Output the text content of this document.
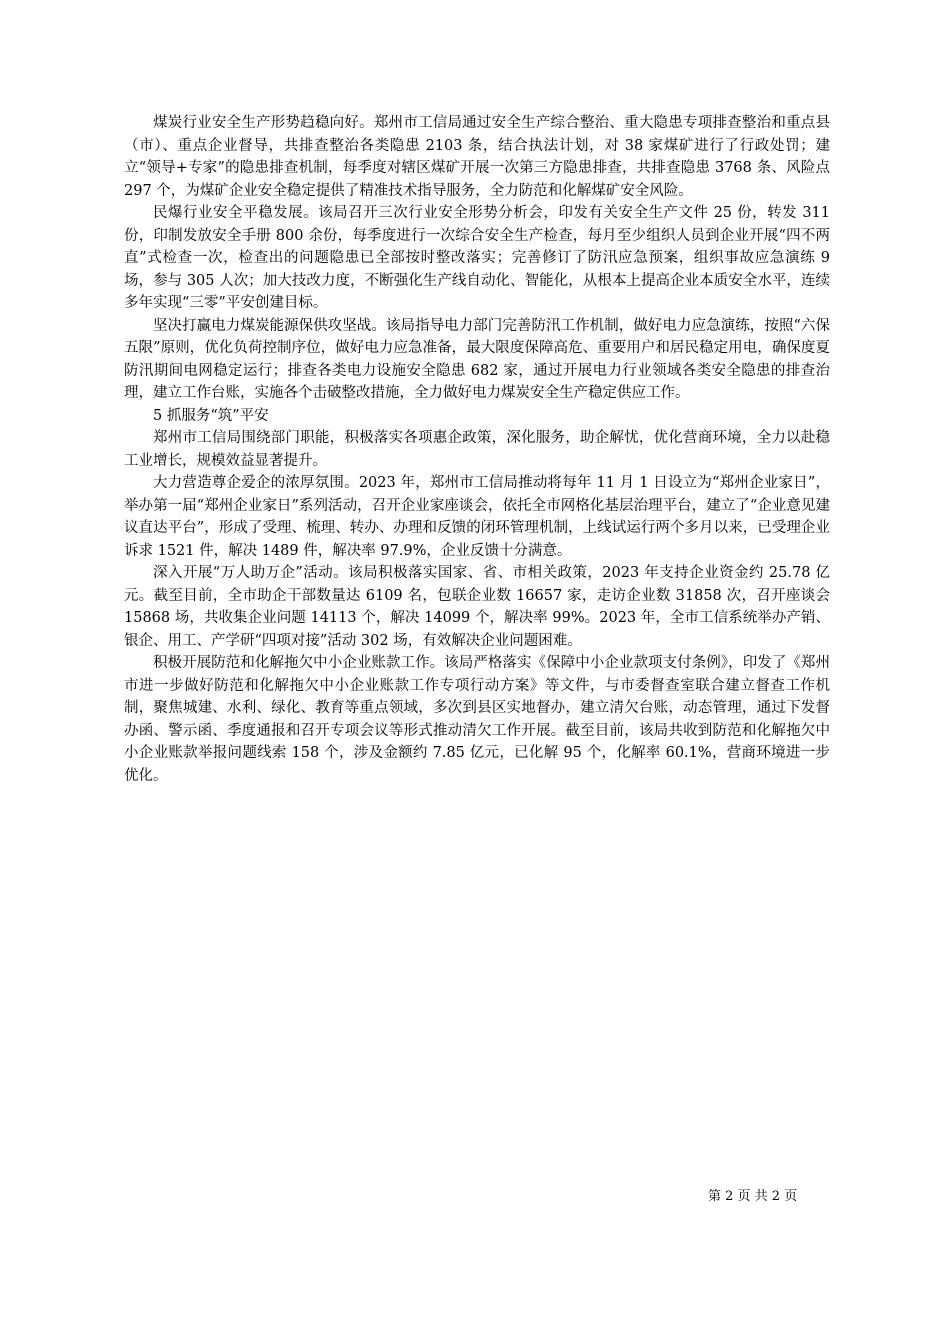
煤炭行业安全生产形势趋稳向好。郑州市工信局通过安全生产综合整治、重大隐患专项排查整治和重点县（市）、重点企业督导，共排查整治各类隐患 2103 条，结合执法计划，对 38 家煤矿进行了行政处罚；建立“领导+专家”的隐患排查机制，每季度对辖区煤矿开展一次第三方隐患排查，共排查隐患 3768 条、风险点 297 个，为煤矿企业安全稳定提供了精准技术指导服务，全力防范和化解煤矿安全风险。

民爆行业安全平稳发展。该局召开三次行业安全形势分析会，印发有关安全生产文件 25 份，转发 311 份，印制发放安全手册 800 余份，每季度进行一次综合安全生产检查，每月至少组织人员到企业开展“四不两直”式检查一次，检查出的问题隐患已全部按时整改落实；完善修订了防汛应急预案，组织事故应急演练 9 场，参与 305 人次；加大技改力度，不断强化生产线自动化、智能化，从根本上提高企业本质安全水平，连续多年实现“三零”平安创建目标。

坚决打赢电力煤炭能源保供攻坚战。该局指导电力部门完善防汛工作机制，做好电力应急演练，按照“六保五限”原则，优化负荷控制序位，做好电力应急准备，最大限度保障高危、重要用户和居民稳定用电，确保度夏防汛期间电网稳定运行；排查各类电力设施安全隐患 682 家，通过开展电力行业领域各类安全隐患的排查治理，建立工作台账，实施各个击破整改措施，全力做好电力煤炭安全生产稳定供应工作。

5 抓服务“筑”平安

郑州市工信局围绕部门职能，积极落实各项惠企政策，深化服务，助企解忧，优化营商环境，全力以赴稳工业增长，规模效益显著提升。

大力营造尊企爱企的浓厚氛围。2023 年，郑州市工信局推动将每年 11 月 1 日设立为“郑州企业家日”，举办第一届“郑州企业家日”系列活动，召开企业家座谈会，依托全市网格化基层治理平台，建立了“企业意见建议直达平台”，形成了受理、梳理、转办、办理和反馈的闭环管理机制，上线试运行两个多月以来，已受理企业诉求 1521 件，解决 1489 件，解决率 97.9%，企业反馈十分满意。

深入开展“万人助万企”活动。该局积极落实国家、省、市相关政策，2023 年支持企业资金约 25.78 亿元。截至目前，全市助企干部数量达 6109 名，包联企业数 16657 家，走访企业数 31858 次，召开座谈会 15868 场，共收集企业问题 14113 个，解决 14099 个，解决率 99%。2023 年，全市工信系统举办产销、银企、用工、产学研“四项对接”活动 302 场，有效解决企业问题困难。

积极开展防范和化解拖欠中小企业账款工作。该局严格落实《保障中小企业款项支付条例》，印发了《郑州市进一步做好防范和化解拖欠中小企业账款工作专项行动方案》等文件，与市委督查室联合建立督查工作机制，聚焦城建、水利、绿化、教育等重点领域，多次到县区实地督办，建立清欠台账，动态管理，通过下发督办函、警示函、季度通报和召开专项会议等形式推动清欠工作开展。截至目前，该局共收到防范和化解拖欠中小企业账款举报问题线索 158 个，涉及金额约 7.85 亿元，已化解 95 个，化解率 60.1%，营商环境进一步优化。

第 2 页 共 2 页
